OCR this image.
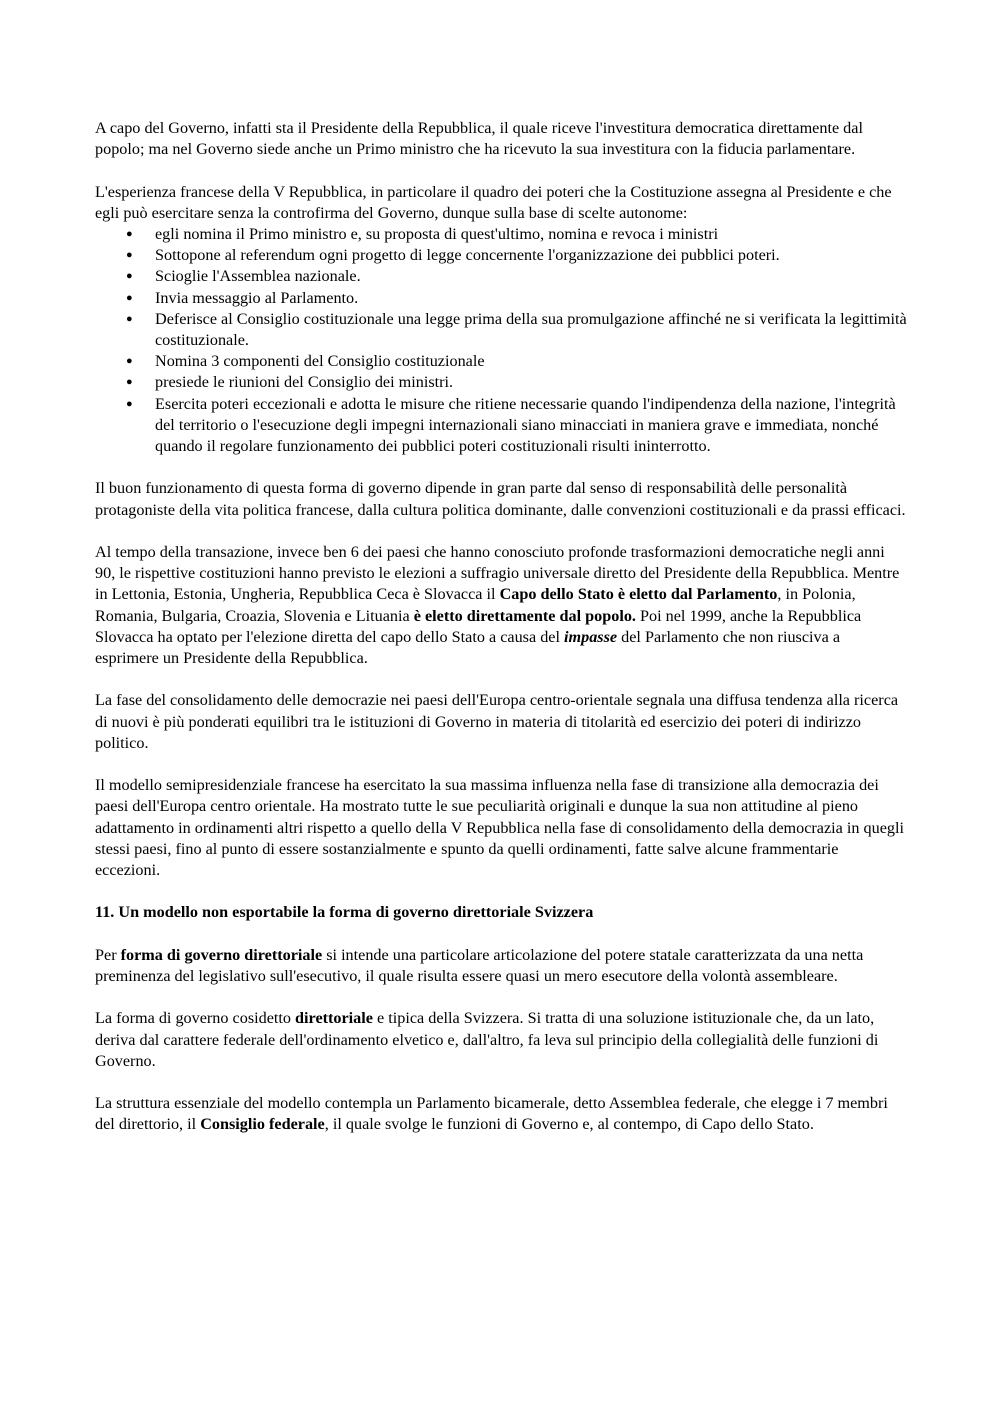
A capo del Governo, infatti sta il Presidente della Repubblica, il quale riceve l'investitura democratica direttamente dal popolo; ma nel Governo siede anche un Primo ministro che ha ricevuto la sua investitura con la fiducia parlamentare.

L'esperienza francese della V Repubblica, in particolare il quadro dei poteri che la Costituzione assegna al Presidente e che egli può esercitare senza la controfirma del Governo, dunque sulla base di scelte autonome:

● egli nomina il Primo ministro e, su proposta di quest'ultimo, nomina e revoca i ministri
● Sottopone al referendum ogni progetto di legge concernente l'organizzazione dei pubblici poteri.
● Scioglie l'Assemblea nazionale.
● Invia messaggio al Parlamento.
● Deferisce al Consiglio costituzionale una legge prima della sua promulgazione affinché ne si verificata la legittimità costituzionale.
● Nomina 3 componenti del Consiglio costituzionale
● presiede le riunioni del Consiglio dei ministri.
● Esercita poteri eccezionali e adotta le misure che ritiene necessarie quando l'indipendenza della nazione, l'integrità del territorio o l'esecuzione degli impegni internazionali siano minacciati in maniera grave e immediata, nonché quando il regolare funzionamento dei pubblici poteri costituzionali risulti ininterrotto.

Il buon funzionamento di questa forma di governo dipende in gran parte dal senso di responsabilità delle personalità protagoniste della vita politica francese, dalla cultura politica dominante, dalle convenzioni costituzionali e da prassi efficaci.

Al tempo della transazione, invece ben 6 dei paesi che hanno conosciuto profonde trasformazioni democratiche negli anni 90, le rispettive costituzioni hanno previsto le elezioni a suffragio universale diretto del Presidente della Repubblica. Mentre in Lettonia, Estonia, Ungheria, Repubblica Ceca è Slovacca il Capo dello Stato è eletto dal Parlamento, in Polonia, Romania, Bulgaria, Croazia, Slovenia e Lituania è eletto direttamente dal popolo. Poi nel 1999, anche la Repubblica Slovacca ha optato per l'elezione diretta del capo dello Stato a causa del impasse del Parlamento che non riusciva a esprimere un Presidente della Repubblica.

La fase del consolidamento delle democrazie nei paesi dell'Europa centro-orientale segnala una diffusa tendenza alla ricerca di nuovi è più ponderati equilibri tra le istituzioni di Governo in materia di titolarità ed esercizio dei poteri di indirizzo politico.

Il modello semipresidenziale francese ha esercitato la sua massima influenza nella fase di transizione alla democrazia dei paesi dell'Europa centro orientale. Ha mostrato tutte le sue peculiarità originali e dunque la sua non attitudine al pieno adattamento in ordinamenti altri rispetto a quello della V Repubblica nella fase di consolidamento della democrazia in quegli stessi paesi, fino al punto di essere sostanzialmente e spunto da quelli ordinamenti, fatte salve alcune frammentarie eccezioni.

11. Un modello non esportabile la forma di governo direttoriale Svizzera

Per forma di governo direttoriale si intende una particolare articolazione del potere statale caratterizzata da una netta preminenza del legislativo sull'esecutivo, il quale risulta essere quasi un mero esecutore della volontà assembleare.

La forma di governo cosidetto direttoriale e tipica della Svizzera. Si tratta di una soluzione istituzionale che, da un lato, deriva dal carattere federale dell'ordinamento elvetico e, dall'altro, fa leva sul principio della collegialità delle funzioni di Governo.

La struttura essenziale del modello contempla un Parlamento bicamerale, detto Assemblea federale, che elegge i 7 membri del direttorio, il Consiglio federale, il quale svolge le funzioni di Governo e, al contempo, di Capo dello Stato.
